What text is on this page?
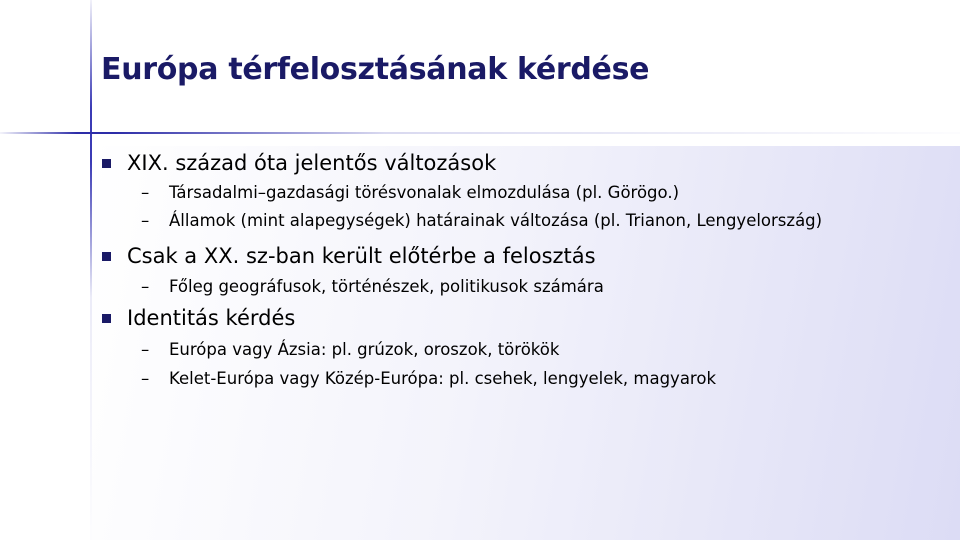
Európa térfelosztásának kérdése
XIX. század óta jelentős változások
–	Társadalmi–gazdasági törésvonalak elmozdulása (pl. Görögo.)
–	Államok (mint alapegységek) határainak változása (pl. Trianon, Lengyelország)
Csak a XX. sz-ban került előtérbe a felosztás
–	Főleg geográfusok, történészek, politikusok számára
Identitás kérdés
–	Európa vagy Ázsia: pl. grúzok, oroszok, törökök
–	Kelet-Európa vagy Közép-Európa: pl. csehek, lengyelek, magyarok
